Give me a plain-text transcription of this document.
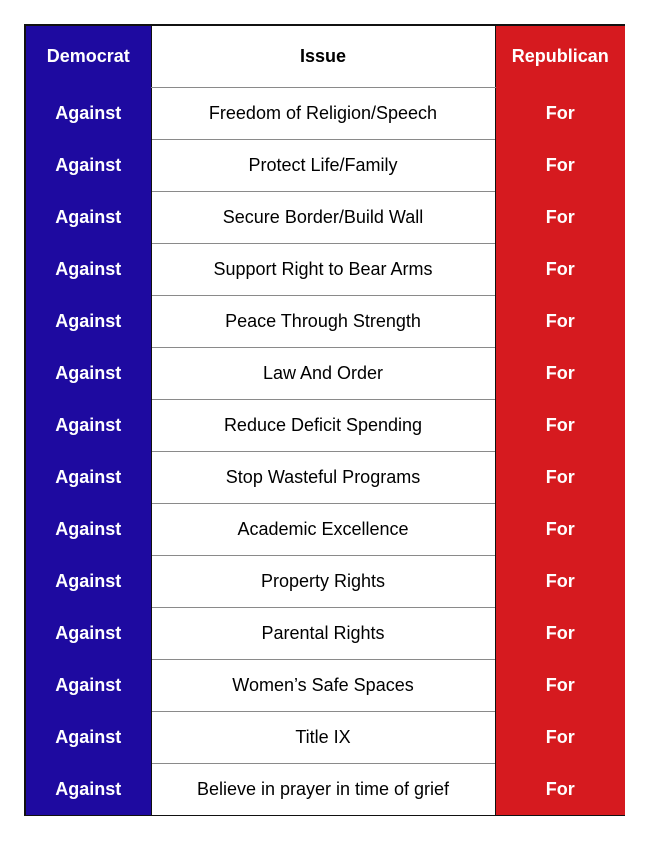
Democrat	Issue	Republican
Against	Freedom of Religion/Speech	For
Against	Protect Life/Family	For
Against	Secure Border/Build Wall	For
Against	Support Right to Bear Arms	For
Against	Peace Through Strength	For
Against	Law And Order	For
Against	Reduce Deficit Spending	For
Against	Stop Wasteful Programs	For
Against	Academic Excellence	For
Against	Property Rights	For
Against	Parental Rights	For
Against	Women’s Safe Spaces	For
Against	Title IX	For
Against	Believe in prayer in time of grief	For
